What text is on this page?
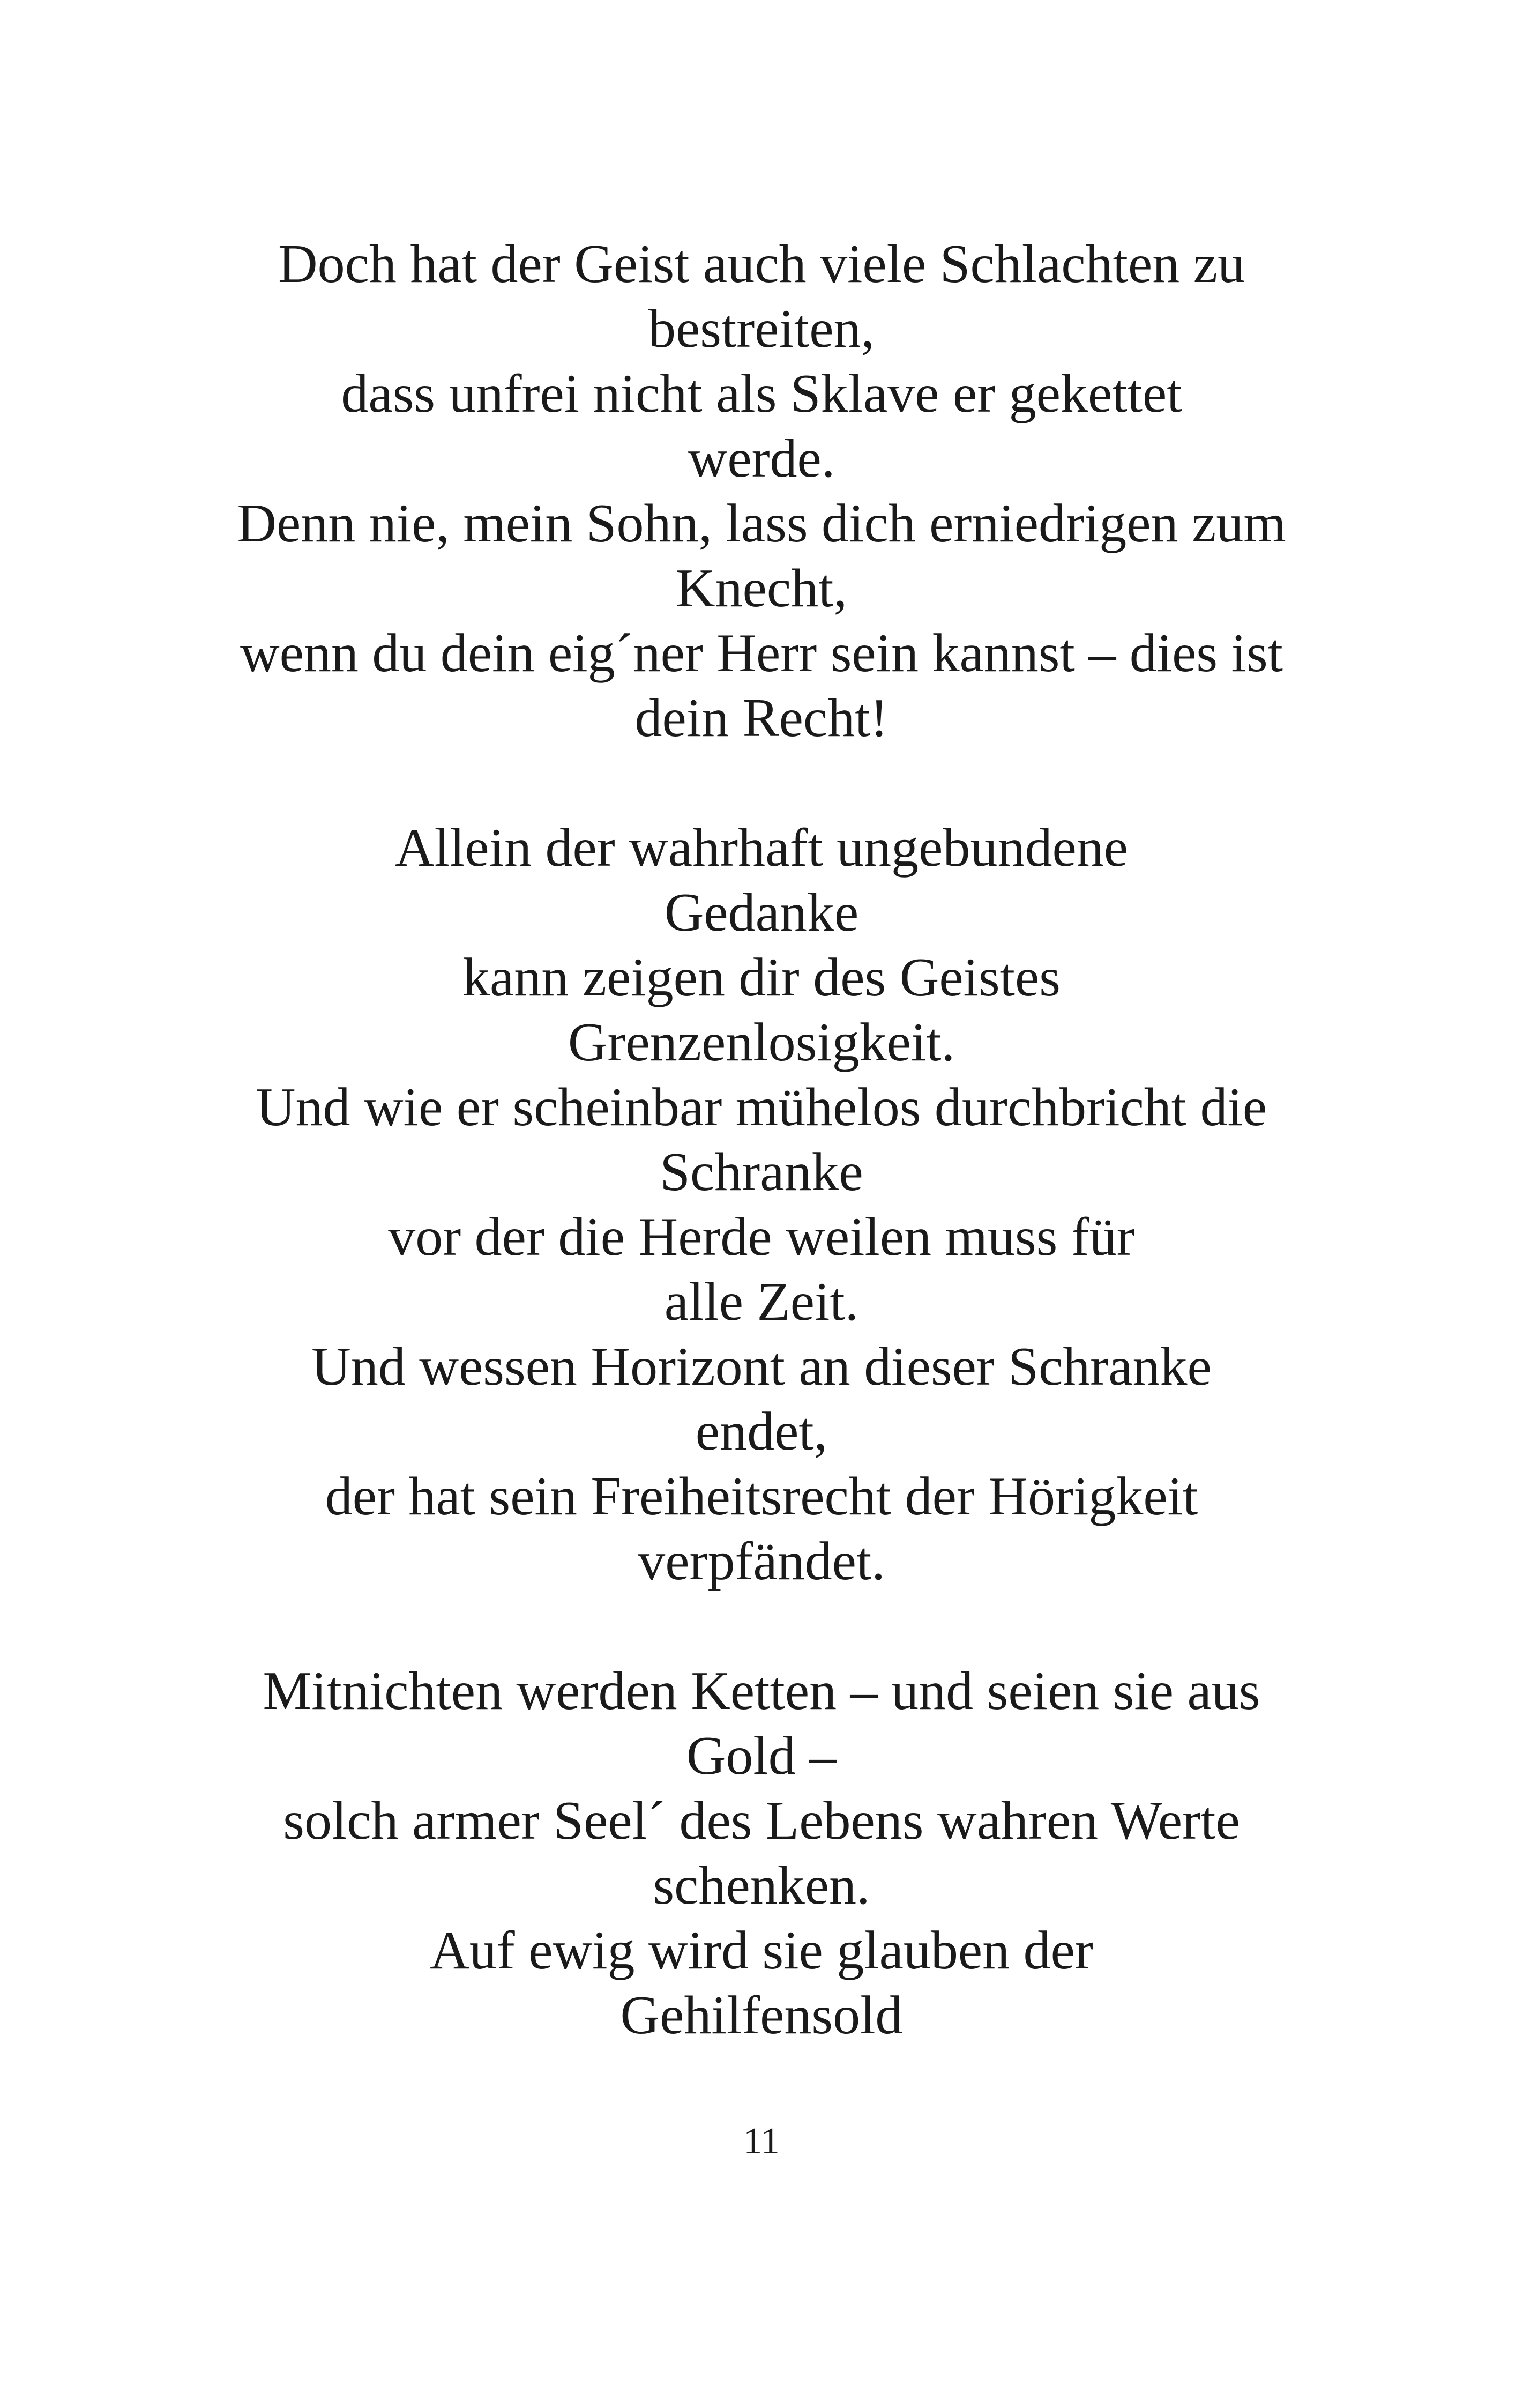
Doch hat der Geist auch viele Schlachten zu
bestreiten,
dass unfrei nicht als Sklave er gekettet
werde.
Denn nie, mein Sohn, lass dich erniedrigen zum
Knecht,
wenn du dein eig´ner Herr sein kannst – dies ist
dein Recht!

Allein der wahrhaft ungebundene
Gedanke
kann zeigen dir des Geistes
Grenzenlosigkeit.
Und wie er scheinbar mühelos durchbricht die
Schranke
vor der die Herde weilen muss für
alle Zeit.
Und wessen Horizont an dieser Schranke
endet,
der hat sein Freiheitsrecht der Hörigkeit
verpfändet.

Mitnichten werden Ketten – und seien sie aus
Gold –
solch armer Seel´ des Lebens wahren Werte
schenken.
Auf ewig wird sie glauben der
Gehilfensold

11
